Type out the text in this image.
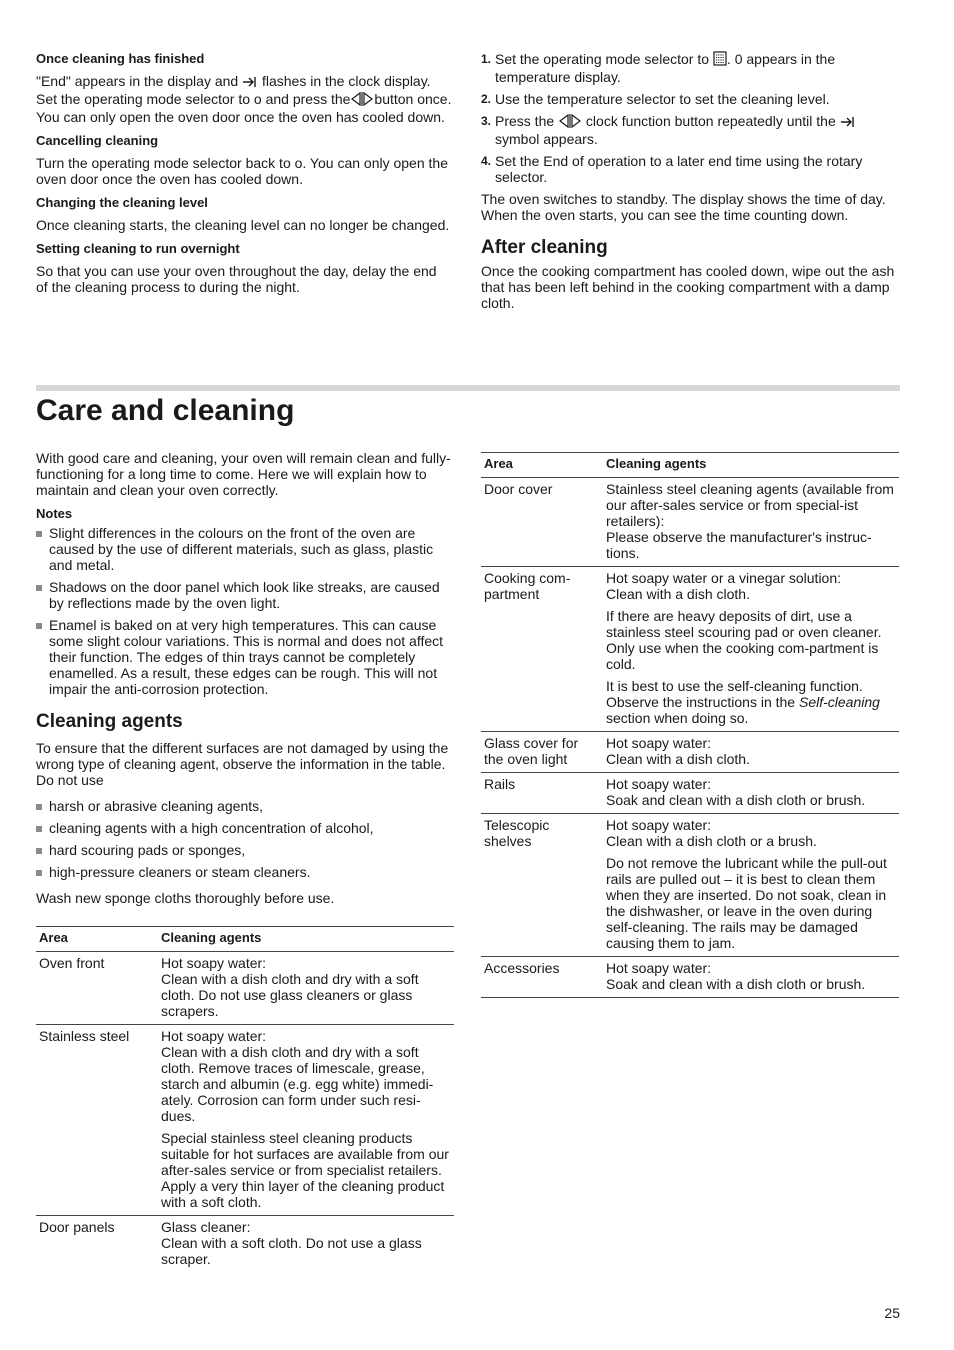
Once cleaning has finished

"End" appears in the display and flashes in the clock display. Set the operating mode selector to o and press the button once. You can only open the oven door once the oven has cooled down.

Cancelling cleaning

Turn the operating mode selector back to o. You can only open the oven door once the oven has cooled down.

Changing the cleaning level

Once cleaning starts, the cleaning level can no longer be changed.

Setting cleaning to run overnight

So that you can use your oven throughout the day, delay the end of the cleaning process to during the night.

1. Set the operating mode selector to . 0 appears in the temperature display.
2. Use the temperature selector to set the cleaning level.
3. Press the clock function button repeatedly until the  symbol appears.
4. Set the End of operation to a later end time using the rotary selector.

The oven switches to standby. The display shows the time of day. When the oven starts, you can see the time counting down.

After cleaning

Once the cooking compartment has cooled down, wipe out the ash that has been left behind in the cooking compartment with a damp cloth.

Care and cleaning

With good care and cleaning, your oven will remain clean and fully-functioning for a long time to come. Here we will explain how to maintain and clean your oven correctly.

Notes

Slight differences in the colours on the front of the oven are caused by the use of different materials, such as glass, plastic and metal.
Shadows on the door panel which look like streaks, are caused by reflections made by the oven light.
Enamel is baked on at very high temperatures. This can cause some slight colour variations. This is normal and does not affect their function. The edges of thin trays cannot be completely enamelled. As a result, these edges can be rough. This will not impair the anti-corrosion protection.
Cleaning agents

To ensure that the different surfaces are not damaged by using the wrong type of cleaning agent, observe the information in the table. Do not use

harsh or abrasive cleaning agents,
cleaning agents with a high concentration of alcohol,
hard scouring pads or sponges,
high-pressure cleaners or steam cleaners.

Wash new sponge cloths thoroughly before use.

Area	Cleaning agents
Oven front	Hot soapy water:
Clean with a dish cloth and dry with a soft cloth. Do not use glass cleaners or glass scrapers.

Stainless steel	Hot soapy water:
Clean with a dish cloth and dry with a soft cloth. Remove traces of limescale, grease, starch and albumin (e.g. egg white) immedi-ately. Corrosion can form under such resi-dues.

Special stainless steel cleaning products suitable for hot surfaces are available from our after-sales service or from specialist retailers. Apply a very thin layer of the cleaning product with a soft cloth.

Door panels	Glass cleaner:
Clean with a soft cloth. Do not use a glass scraper.

Area	Cleaning agents
Door cover	Stainless steel cleaning agents (available from our after-sales service or from special-ist retailers):
Please observe the manufacturer's instruc-tions.

Cooking com-partment	Hot soapy water or a vinegar solution:
Clean with a dish cloth.

If there are heavy deposits of dirt, use a stainless steel scouring pad or oven cleaner. Only use when the cooking com-partment is cold.

It is best to use the self-cleaning function. Observe the instructions in the Self-cleaning section when doing so.

Glass cover for the oven light	Hot soapy water:
Clean with a dish cloth.

Rails	Hot soapy water:
Soak and clean with a dish cloth or brush.

Telescopic shelves	Hot soapy water:
Clean with a dish cloth or a brush.

Do not remove the lubricant while the pull-out rails are pulled out – it is best to clean them when they are inserted. Do not soak, clean in the dishwasher, or leave in the oven during self-cleaning. The rails may be damaged causing them to jam.

Accessories	Hot soapy water:
Soak and clean with a dish cloth or brush.

25
